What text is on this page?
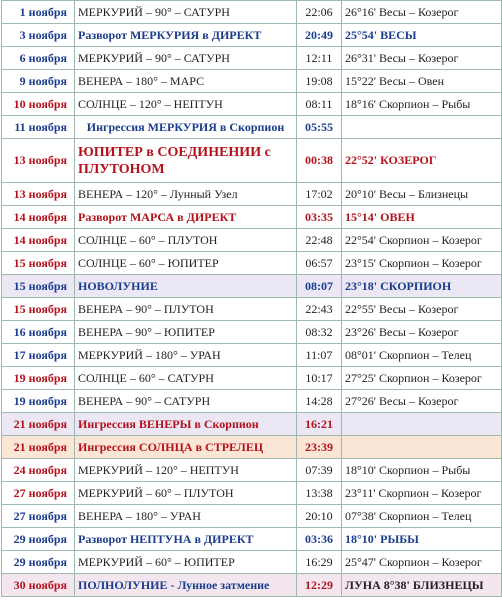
1 ноября	МЕРКУРИЙ – 90° – САТУРН	22:06	26°16' Весы – Козерог
3 ноября	Разворот МЕРКУРИЯ в ДИРЕКТ	20:49	25°54' ВЕСЫ
6 ноября	МЕРКУРИЙ – 90° – САТУРН	12:11	26°31' Весы – Козерог
9 ноября	ВЕНЕРА – 180° – МАРС	19:08	15°22' Весы – Овен
10 ноября	СОЛНЦЕ – 120° – НЕПТУН	08:11	18°16' Скорпион – Рыбы
11 ноября	Ингрессия МЕРКУРИЯ в Скорпион	05:55	
13 ноября	ЮПИТЕР в СОЕДИНЕНИИ с ПЛУТОНОМ	00:38	22°52' КОЗЕРОГ
13 ноября	ВЕНЕРА – 120° – Лунный Узел	17:02	20°10' Весы – Близнецы
14 ноября	Разворот МАРСА в ДИРЕКТ	03:35	15°14' ОВЕН
14 ноября	СОЛНЦЕ – 60° – ПЛУТОН	22:48	22°54' Скорпион – Козерог
15 ноября	СОЛНЦЕ – 60° – ЮПИТЕР	06:57	23°15' Скорпион – Козерог
15 ноября	НОВОЛУНИЕ	08:07	23°18' СКОРПИОН
15 ноября	ВЕНЕРА – 90° – ПЛУТОН	22:43	22°55' Весы – Козерог
16 ноября	ВЕНЕРА – 90° – ЮПИТЕР	08:32	23°26' Весы – Козерог
17 ноября	МЕРКУРИЙ – 180° – УРАН	11:07	08°01' Скорпион – Телец
19 ноября	СОЛНЦЕ – 60° – САТУРН	10:17	27°25' Скорпион – Козерог
19 ноября	ВЕНЕРА – 90° – САТУРН	14:28	27°26' Весы – Козерог
21 ноября	Ингрессия ВЕНЕРЫ в Скорпион	16:21	
21 ноября	Ингрессия СОЛНЦА в СТРЕЛЕЦ	23:39	
24 ноября	МЕРКУРИЙ – 120° – НЕПТУН	07:39	18°10' Скорпион – Рыбы
27 ноября	МЕРКУРИЙ – 60° – ПЛУТОН	13:38	23°11' Скорпион – Козерог
27 ноября	ВЕНЕРА – 180° – УРАН	20:10	07°38' Скорпион – Телец
29 ноября	Разворот НЕПТУНА в ДИРЕКТ	03:36	18°10' РЫБЫ
29 ноября	МЕРКУРИЙ – 60° – ЮПИТЕР	16:29	25°47' Скорпион – Козерог
30 ноября	ПОЛНОЛУНИЕ - Лунное затмение	12:29	ЛУНА 8°38' БЛИЗНЕЦЫ
